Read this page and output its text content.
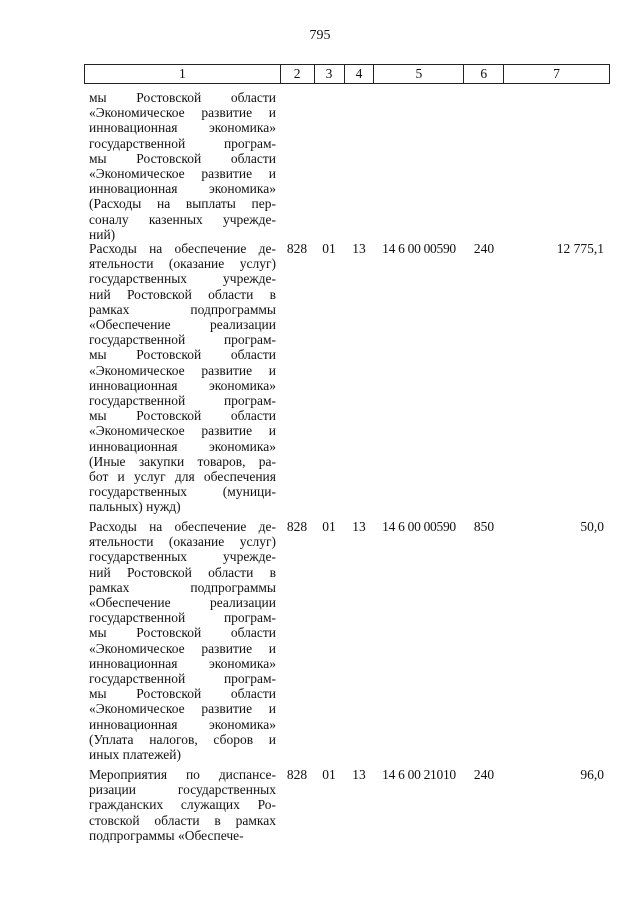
795
1	2	3	4	5	6	7
мы Ростовской области
«Экономическое развитие и
инновационная экономика»
государственной програм-
мы Ростовской области
«Экономическое развитие и
инновационная экономика»
(Расходы на выплаты пер-
соналу казенных учрежде-
ний)
Расходы на обеспечение де-
ятельности (оказание услуг)
государственных учрежде-
ний Ростовской области в
рамках подпрограммы
«Обеспечение реализации
государственной програм-
мы Ростовской области
«Экономическое развитие и
инновационная экономика»
государственной програм-
мы Ростовской области
«Экономическое развитие и
инновационная экономика»
(Иные закупки товаров, ра-
бот и услуг для обеспечения
государственных (муници-
пальных) нужд)
828	01	13	14 6 00 00590	240	12 775,1
Расходы на обеспечение де-
ятельности (оказание услуг)
государственных учрежде-
ний Ростовской области в
рамках подпрограммы
«Обеспечение реализации
государственной програм-
мы Ростовской области
«Экономическое развитие и
инновационная экономика»
государственной програм-
мы Ростовской области
«Экономическое развитие и
инновационная экономика»
(Уплата налогов, сборов и
иных платежей)
828	01	13	14 6 00 00590	850	50,0
Мероприятия по диспансе-
ризации государственных
гражданских служащих Ро-
стовской области в рамках
подпрограммы «Обеспече-
828	01	13	14 6 00 21010	240	96,0
